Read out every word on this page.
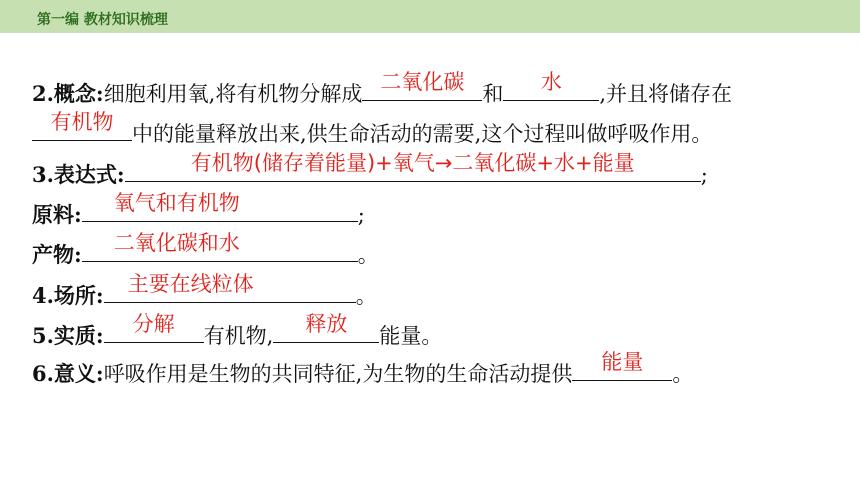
第一编 教材知识梳理
2.概念:细胞利用氧,将有机物分解成 二氧化碳 和	水	,并且将储存在
有机物 中的能量释放出来,供生命活动的需要,这个过程叫做呼吸作用。
3.表达式:	有机物(储存着能量)+氧气→二氧化碳+水+能量	;
原料:	氧气和有机物	;
产物:	二氧化碳和水	。
4.场所:	主要在线粒体	。
5.实质:	分解	有机物,	释放	能量。
6.意义:呼吸作用是生物的共同特征,为生物的生命活动提供	能量	。
